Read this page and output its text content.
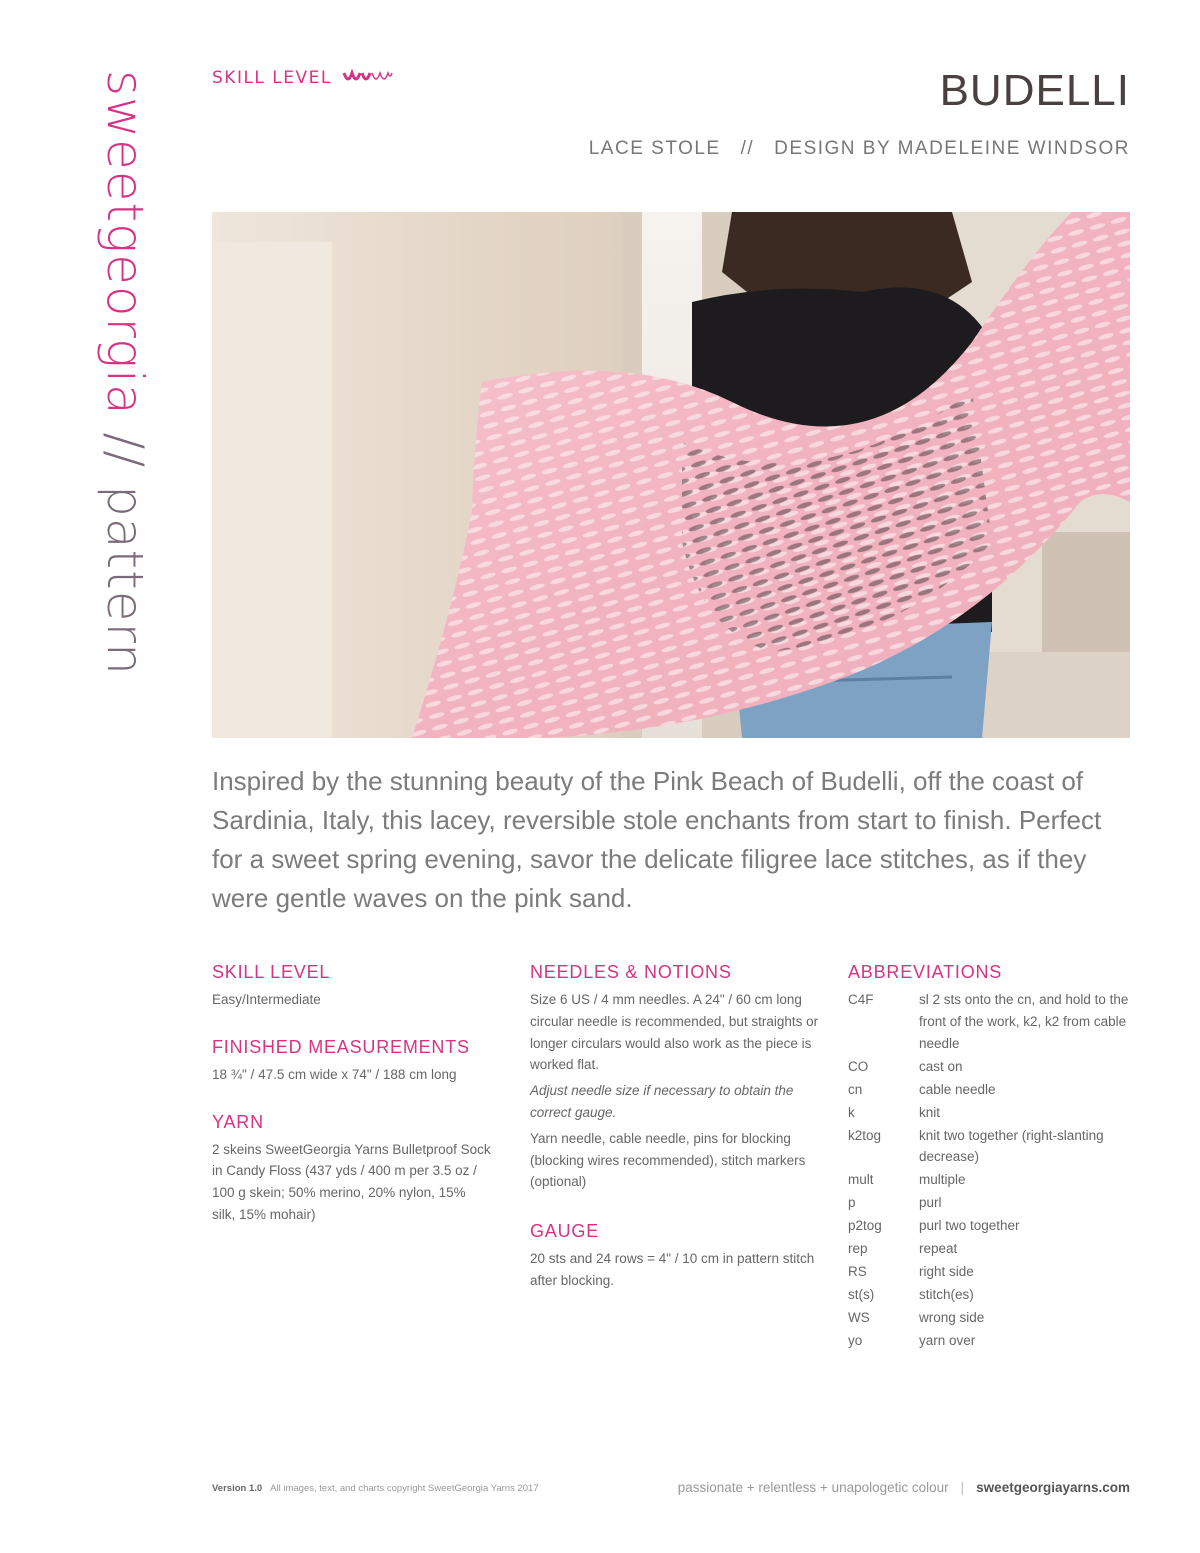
sweetgeorgia // pattern
SKILL LEVEL	BUDELLI
LACE STOLE // DESIGN BY MADELEINE WINDSOR
Inspired by the stunning beauty of the Pink Beach of Budelli, off the coast of Sardinia, Italy, this lacey, reversible stole enchants from start to finish. Perfect for a sweet spring evening, savor the delicate filigree lace stitches, as if they were gentle waves on the pink sand.
SKILL LEVEL
Easy/Intermediate
FINISHED MEASUREMENTS
18 ¾" / 47.5 cm wide x 74" / 188 cm long
YARN
2 skeins SweetGeorgia Yarns Bulletproof Sock in Candy Floss (437 yds / 400 m per 3.5 oz / 100 g skein; 50% merino, 20% nylon, 15% silk, 15% mohair)
NEEDLES & NOTIONS
Size 6 US / 4 mm needles. A 24" / 60 cm long circular needle is recommended, but straights or longer circulars would also work as the piece is worked flat.
Adjust needle size if necessary to obtain the correct gauge.
Yarn needle, cable needle, pins for blocking (blocking wires recommended), stitch markers (optional)
GAUGE
20 sts and 24 rows = 4" / 10 cm in pattern stitch after blocking.
ABBREVIATIONS
C4F	sl 2 sts onto the cn, and hold to the front of the work, k2, k2 from cable needle
CO	cast on
cn	cable needle
k	knit
k2tog	knit two together (right-slanting decrease)
mult	multiple
p	purl
p2tog	purl two together
rep	repeat
RS	right side
st(s)	stitch(es)
WS	wrong side
yo	yarn over
Version 1.0 All images, text, and charts copyright SweetGeorgia Yarns 2017	passionate + relentless + unapologetic colour | sweetgeorgiayarns.com
